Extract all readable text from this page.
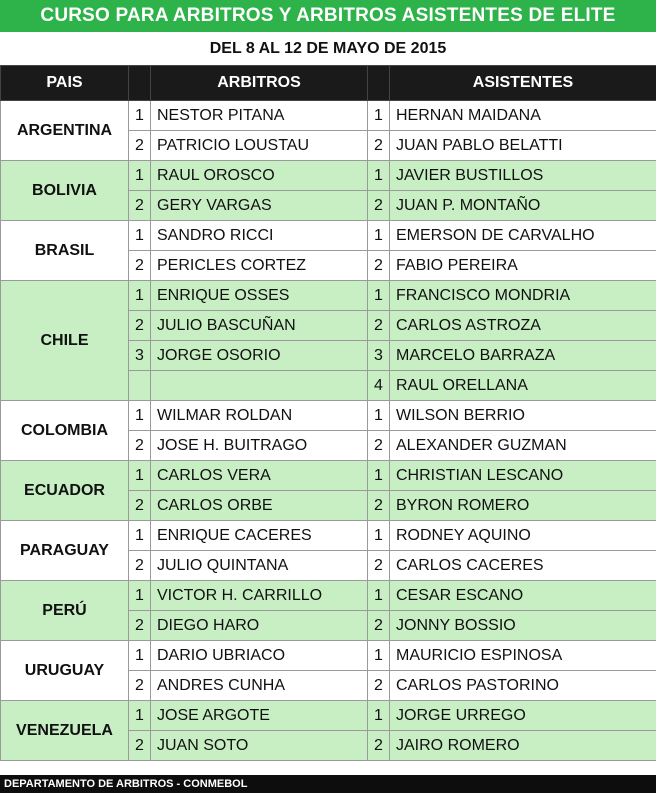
CURSO PARA ARBITROS Y ARBITROS ASISTENTES DE ELITE
DEL 8 AL 12 DE MAYO DE 2015
PAIS		ARBITROS		ASISTENTES
ARGENTINA	1	NESTOR PITANA	1	HERNAN MAIDANA
	2	PATRICIO LOUSTAU	2	JUAN PABLO BELATTI
BOLIVIA	1	RAUL OROSCO	1	JAVIER BUSTILLOS
	2	GERY VARGAS	2	JUAN P. MONTAÑO
BRASIL	1	SANDRO RICCI	1	EMERSON DE CARVALHO
	2	PERICLES CORTEZ	2	FABIO PEREIRA
CHILE	1	ENRIQUE OSSES	1	FRANCISCO MONDRIA
	2	JULIO BASCUÑAN	2	CARLOS ASTROZA
	3	JORGE OSORIO	3	MARCELO BARRAZA
			4	RAUL ORELLANA
COLOMBIA	1	WILMAR ROLDAN	1	WILSON BERRIO
	2	JOSE H. BUITRAGO	2	ALEXANDER GUZMAN
ECUADOR	1	CARLOS VERA	1	CHRISTIAN LESCANO
	2	CARLOS ORBE	2	BYRON ROMERO
PARAGUAY	1	ENRIQUE CACERES	1	RODNEY AQUINO
	2	JULIO QUINTANA	2	CARLOS CACERES
PERÚ	1	VICTOR H. CARRILLO	1	CESAR ESCANO
	2	DIEGO HARO	2	JONNY BOSSIO
URUGUAY	1	DARIO UBRIACO	1	MAURICIO ESPINOSA
	2	ANDRES CUNHA	2	CARLOS PASTORINO
VENEZUELA	1	JOSE ARGOTE	1	JORGE URREGO
	2	JUAN SOTO	2	JAIRO ROMERO
DEPARTAMENTO DE ARBITROS - CONMEBOL
